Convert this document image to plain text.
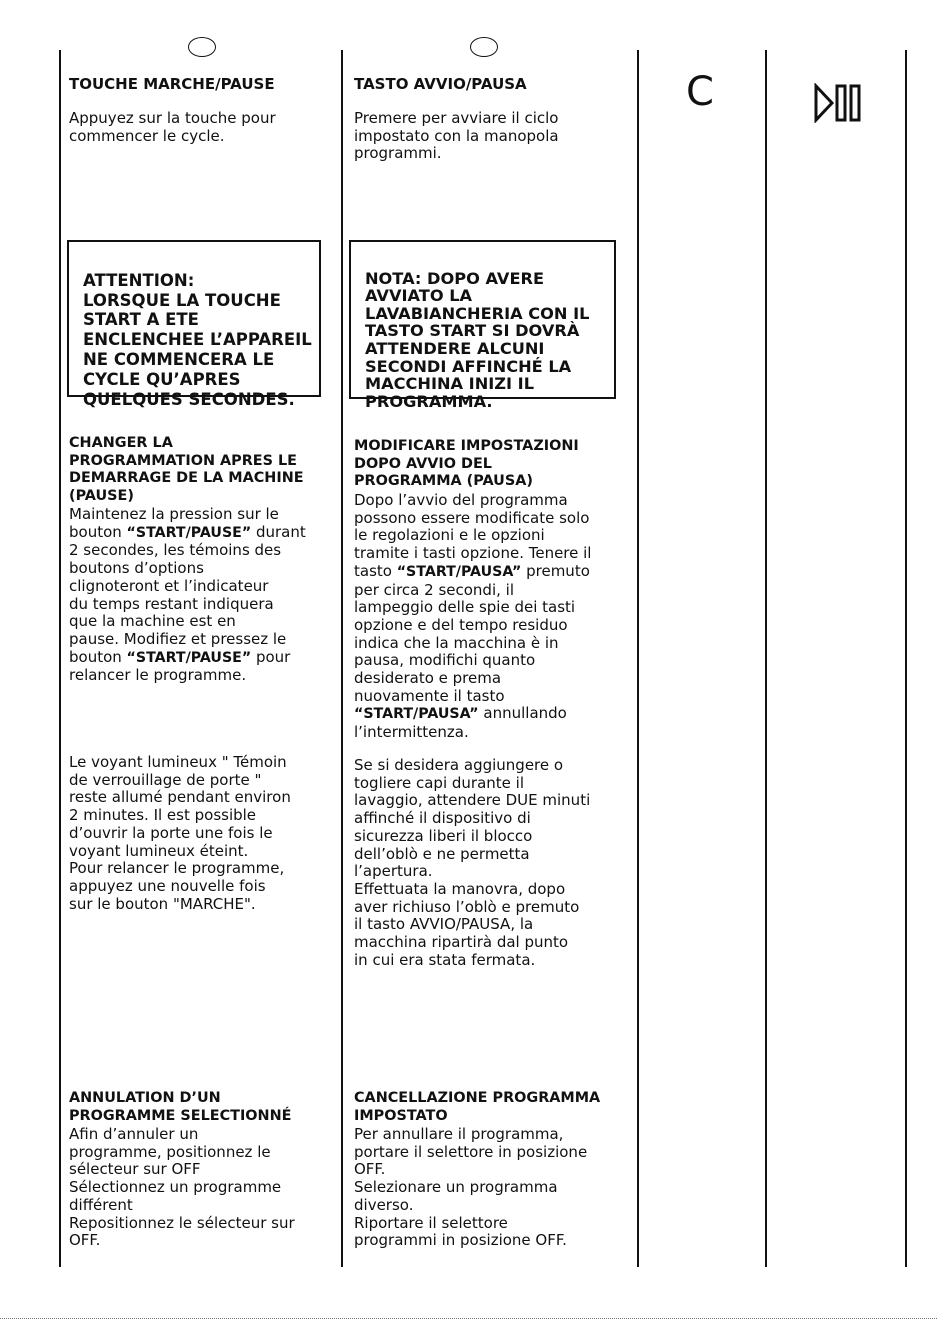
TOUCHE MARCHE/PAUSE
Appuyez sur la touche pour
commencer le cycle.

ATTENTION:
LORSQUE LA TOUCHE
START A ETE
ENCLENCHEE L’APPAREIL
NE COMMENCERA LE
CYCLE QU’APRES
QUELQUES SECONDES.

CHANGER LA
PROGRAMMATION APRES LE
DEMARRAGE DE LA MACHINE
(PAUSE)
Maintenez la pression sur le
bouton “START/PAUSE” durant
2 secondes, les témoins des
boutons d’options
clignoteront et l’indicateur
du temps restant indiquera
que la machine est en
pause. Modifiez et pressez le
bouton “START/PAUSE” pour
relancer le programme.
Le voyant lumineux " Témoin
de verrouillage de porte "
reste allumé pendant environ
2 minutes. Il est possible
d’ouvrir la porte une fois le
voyant lumineux éteint.
Pour relancer le programme,
appuyez une nouvelle fois
sur le bouton "MARCHE".
ANNULATION D’UN
PROGRAMME SELECTIONNÉ
Afin d’annuler un
programme, positionnez le
sélecteur sur OFF
Sélectionnez un programme
différent
Repositionnez le sélecteur sur
OFF.
TASTO AVVIO/PAUSA
Premere per avviare il ciclo
impostato con la manopola
programmi.

NOTA: DOPO AVERE
AVVIATO LA
LAVABIANCHERIA CON IL
TASTO START SI DOVRÀ
ATTENDERE ALCUNI
SECONDI AFFINCHÉ LA
MACCHINA INIZI IL
PROGRAMMA.

MODIFICARE IMPOSTAZIONI
DOPO AVVIO DEL
PROGRAMMA (PAUSA)
Dopo l’avvio del programma
possono essere modificate solo
le regolazioni e le opzioni
tramite i tasti opzione. Tenere il
tasto “START/PAUSA” premuto
per circa 2 secondi, il
lampeggio delle spie dei tasti
opzione e del tempo residuo
indica che la macchina è in
pausa, modifichi quanto
desiderato e prema
nuovamente il tasto
“START/PAUSA” annullando
l’intermittenza.
Se si desidera aggiungere o
togliere capi durante il
lavaggio, attendere DUE minuti
affinché il dispositivo di
sicurezza liberi il blocco
dell’oblò e ne permetta
l’apertura.
Effettuata la manovra, dopo
aver richiuso l’oblò e premuto
il tasto AVVIO/PAUSA, la
macchina ripartirà dal punto
in cui era stata fermata.
CANCELLAZIONE PROGRAMMA
IMPOSTATO
Per annullare il programma,
portare il selettore in posizione
OFF.
Selezionare un programma
diverso.
Riportare il selettore
programmi in posizione OFF.
C
